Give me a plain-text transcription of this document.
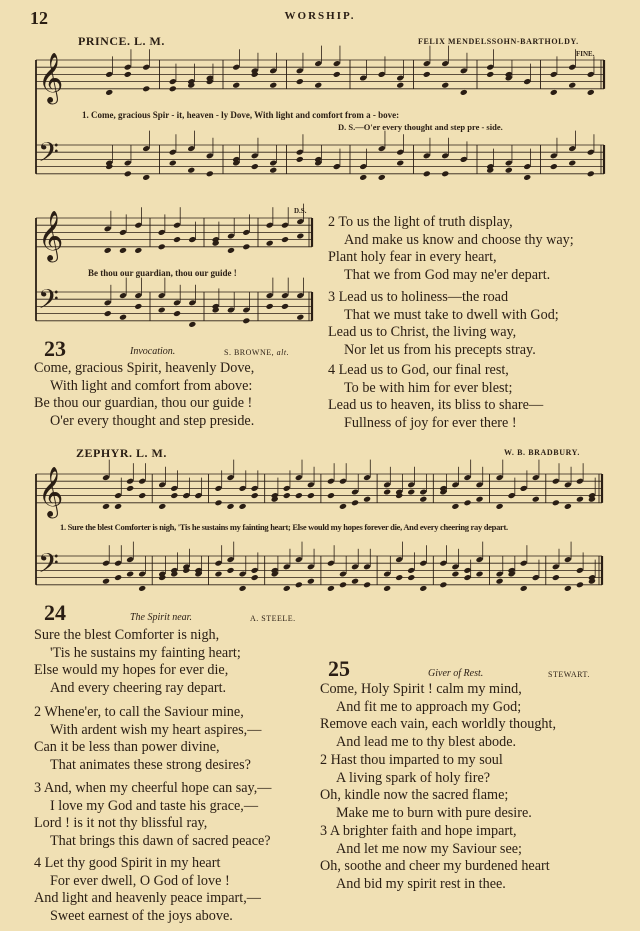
12	WORSHIP.
PRINCE. L. M.	FELIX MENDELSSOHN-BARTHOLDY.
FINE.
D.S.
𝄞
𝄢
𝄞
𝄢
𝄞
𝄢
1. Come, gracious Spir - it, heaven - ly Dove, With light and comfort from a - bove:
D. S.—O'er every thought and step pre - side.
Be thou our guardian, thou our guide !
23	Invocation.	S. BROWNE, alt.
Come, gracious Spirit, heavenly Dove,
With light and comfort from above:
Be thou our guardian, thou our guide !
O'er every thought and step preside.
2 To us the light of truth display,
And make us know and choose thy way;
Plant holy fear in every heart,
That we from God may ne'er depart.
3 Lead us to holiness—the road
That we must take to dwell with God;
Lead us to Christ, the living way,
Nor let us from his precepts stray.
4 Lead us to God, our final rest,
To be with him for ever blest;
Lead us to heaven, its bliss to share—
Fullness of joy for ever there !
ZEPHYR. L. M.	W. B. BRADBURY.
1. Sure the blest Comforter is nigh, 'Tis he sustains my fainting heart; Else would my hopes forever die, And every cheering ray depart.
24	The Spirit near.	A. STEELE.
Sure the blest Comforter is nigh,
'Tis he sustains my fainting heart;
Else would my hopes for ever die,
And every cheering ray depart.
2 Whene'er, to call the Saviour mine,
With ardent wish my heart aspires,—
Can it be less than power divine,
That animates these strong desires?
3 And, when my cheerful hope can say,—
I love my God and taste his grace,—
Lord ! is it not thy blissful ray,
That brings this dawn of sacred peace?
4 Let thy good Spirit in my heart
For ever dwell, O God of love !
And light and heavenly peace impart,—
Sweet earnest of the joys above.
25	Giver of Rest.	STEWART.
Come, Holy Spirit ! calm my mind,
And fit me to approach my God;
Remove each vain, each worldly thought,
And lead me to thy blest abode.
2 Hast thou imparted to my soul
A living spark of holy fire?
Oh, kindle now the sacred flame;
Make me to burn with pure desire.
3 A brighter faith and hope impart,
And let me now my Saviour see;
Oh, soothe and cheer my burdened heart
And bid my spirit rest in thee.
